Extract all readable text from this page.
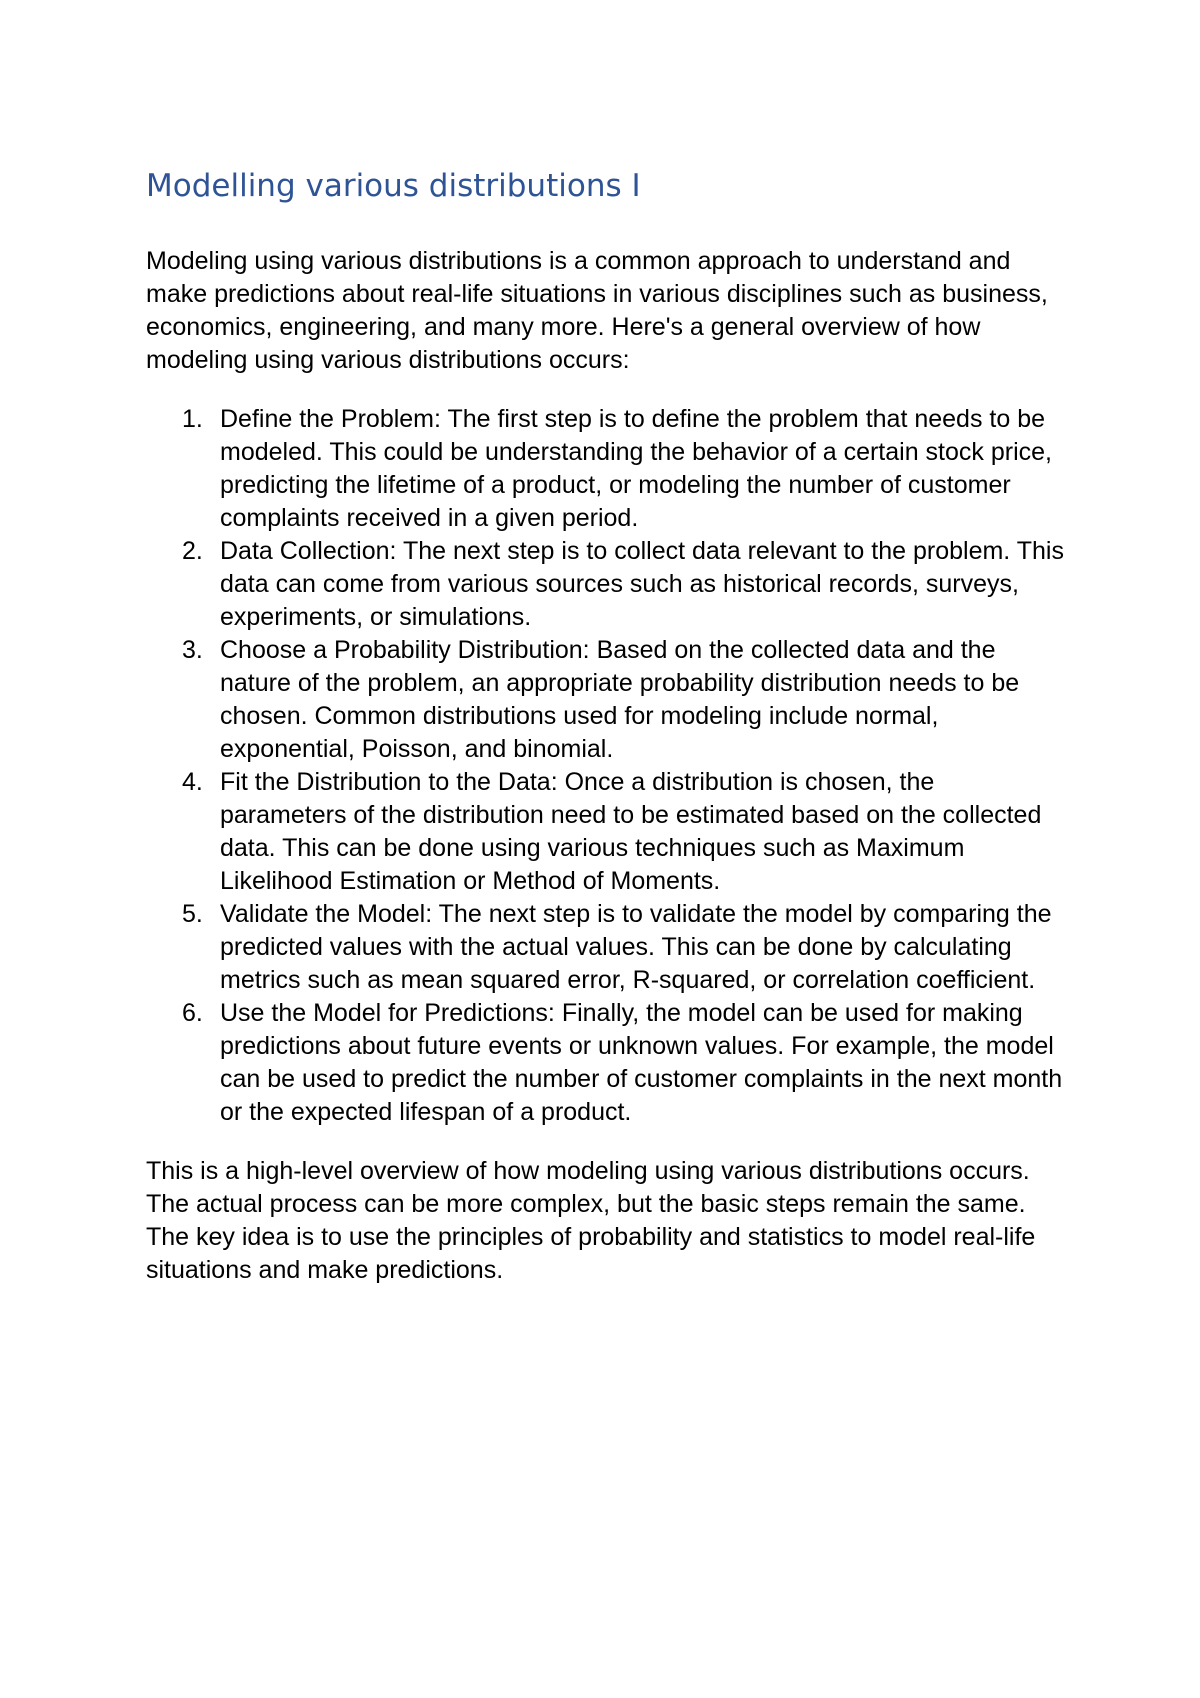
Modelling various distributions I

Modeling using various distributions is a common approach to understand and make predictions about real-life situations in various disciplines such as business, economics, engineering, and many more. Here's a general overview of how modeling using various distributions occurs:

1. Define the Problem: The first step is to define the problem that needs to be modeled. This could be understanding the behavior of a certain stock price, predicting the lifetime of a product, or modeling the number of customer complaints received in a given period.
2. Data Collection: The next step is to collect data relevant to the problem. This data can come from various sources such as historical records, surveys, experiments, or simulations.
3. Choose a Probability Distribution: Based on the collected data and the nature of the problem, an appropriate probability distribution needs to be chosen. Common distributions used for modeling include normal, exponential, Poisson, and binomial.
4. Fit the Distribution to the Data: Once a distribution is chosen, the parameters of the distribution need to be estimated based on the collected data. This can be done using various techniques such as Maximum Likelihood Estimation or Method of Moments.
5. Validate the Model: The next step is to validate the model by comparing the predicted values with the actual values. This can be done by calculating metrics such as mean squared error, R-squared, or correlation coefficient.
6. Use the Model for Predictions: Finally, the model can be used for making predictions about future events or unknown values. For example, the model can be used to predict the number of customer complaints in the next month or the expected lifespan of a product.

This is a high-level overview of how modeling using various distributions occurs. The actual process can be more complex, but the basic steps remain the same. The key idea is to use the principles of probability and statistics to model real-life situations and make predictions.
